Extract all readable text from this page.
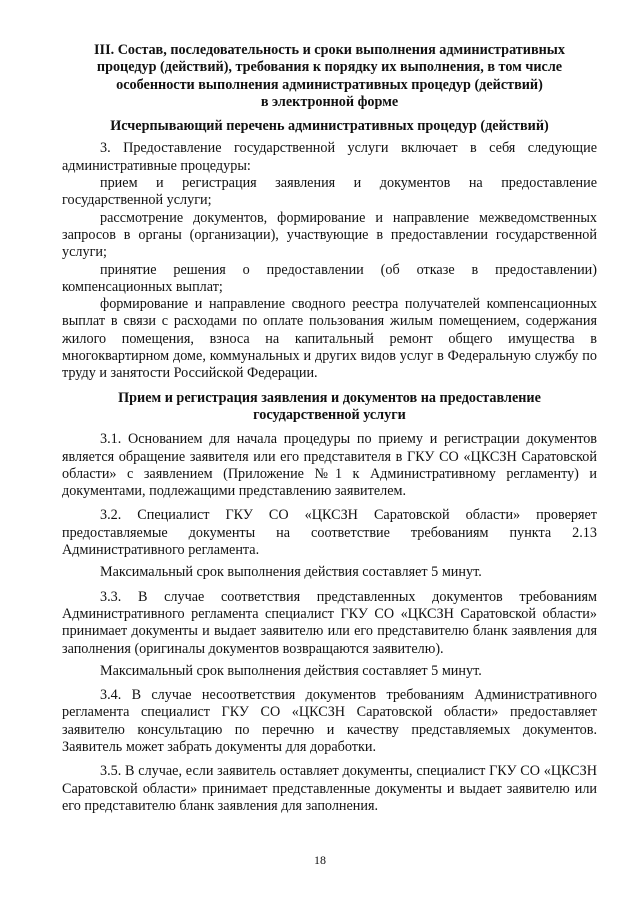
III. Состав, последовательность и сроки выполнения административных
процедур (действий), требования к порядку их выполнения, в том числе
особенности выполнения административных процедур (действий)
в электронной форме
Исчерпывающий перечень административных процедур (действий)

3. Предоставление государственной услуги включает в себя следующие административные процедуры:

прием и регистрация заявления и документов на предоставление государственной услуги;

рассмотрение документов, формирование и направление межведомственных запросов в органы (организации), участвующие в предоставлении государственной услуги;

принятие решения о предоставлении (об отказе в предоставлении) компенсационных выплат;

формирование и направление сводного реестра получателей компенсационных выплат в связи с расходами по оплате пользования жилым помещением, содержания жилого помещения, взноса на капитальный ремонт общего имущества в многоквартирном доме, коммунальных и других видов услуг в Федеральную службу по труду и занятости Российской Федерации.

Прием и регистрация заявления и документов на предоставление
государственной услуги

3.1. Основанием для начала процедуры по приему и регистрации документов является обращение заявителя или его представителя в ГКУ СО «ЦКСЗН Саратовской области» с заявлением (Приложение №1 к Административному регламенту) и документами, подлежащими представлению заявителем.

3.2. Специалист ГКУ СО «ЦКСЗН Саратовской области» проверяет предоставляемые документы на соответствие требованиям пункта 2.13 Административного регламента.

Максимальный срок выполнения действия составляет 5 минут.

3.3. В случае соответствия представленных документов требованиям Административного регламента специалист ГКУ СО «ЦКСЗН Саратовской области» принимает документы и выдает заявителю или его представителю бланк заявления для заполнения (оригиналы документов возвращаются заявителю).

Максимальный срок выполнения действия составляет 5 минут.

3.4. В случае несоответствия документов требованиям Административного регламента специалист ГКУ СО «ЦКСЗН Саратовской области» предоставляет заявителю консультацию по перечню и качеству представляемых документов. Заявитель может забрать документы для доработки.

3.5. В случае, если заявитель оставляет документы, специалист ГКУ СО «ЦКСЗН Саратовской области» принимает представленные документы и выдает заявителю или его представителю бланк заявления для заполнения.

18
